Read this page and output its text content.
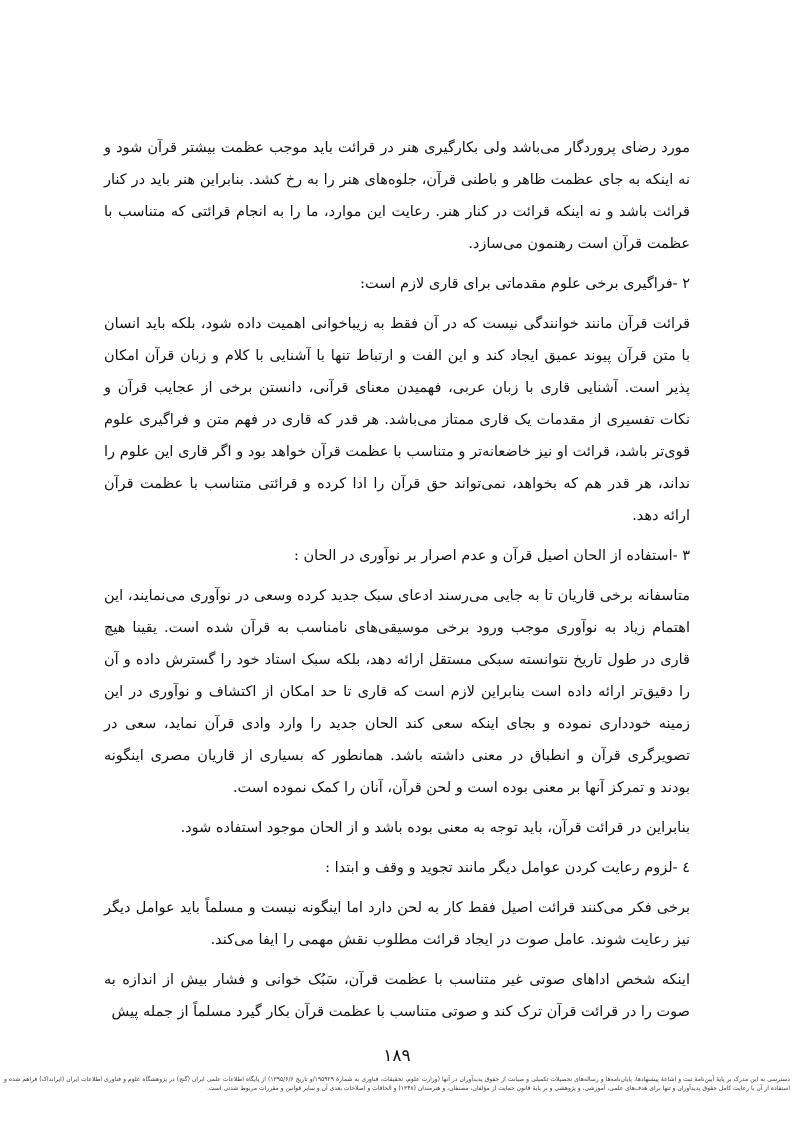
مورد رضای پروردگار می‌باشد ولی بکارگیری هنر در قرائت باید موجب عظمت بیشتر قرآن شود و نه اینکه به جای عظمت ظاهر و باطنی قرآن، جلوه‌های هنر را به رخ کشد. بنابراین هنر باید در کنار قرائت باشد و نه اینکه قرائت در کنار هنر. رعایت این موارد، ما را به انجام قرائتی که متناسب با عظمت قرآن است رهنمون می‌سازد.

۲ -فراگیری برخی علوم مقدماتی برای قاری لازم است:

قرائت قرآن مانند خوانندگی نیست که در آن فقط به زیباخوانی اهمیت داده شود، بلکه باید انسان با متن قرآن پیوند عمیق ایجاد کند و این الفت و ارتباط تنها با آشنایی با کلام و زبان قرآن امکان پذیر است. آشنایی قاری با زبان عربی، فهمیدن معنای قرآنی، دانستن برخی از عجایب قرآن و نکات تفسیری از مقدمات یک قاری ممتاز می‌باشد. هر قدر که قاری در فهم متن و فراگیری علوم قوی‌تر باشد، قرائت او نیز خاضعانه‌تر و متناسب با عظمت قرآن خواهد بود و اگر قاری این علوم را نداند، هر قدر هم که بخواهد، نمی‌تواند حق قرآن را ادا کرده و قرائتی متناسب با عظمت قرآن ارائه دهد.

۳ -استفاده از الحان اصیل قرآن و عدم اصرار بر نوآوری در الحان :

متاسفانه برخی قاریان تا به جایی می‌رسند ادعای سبک جدید کرده وسعی در نوآوری می‌نمایند، این اهتمام زیاد به نوآوری موجب ورود برخی موسیقی‌های نامناسب به قرآن شده است. یقینا هیچ قاری در طول تاریخ نتوانسته سبکی مستقل ارائه دهد، بلکه سبک استاد خود را گسترش داده و آن را دقیق‌تر ارائه داده است بنابراین لازم است که قاری تا حد امکان از اکتشاف و نوآوری در این زمینه خودداری نموده و بجای اینکه سعی کند الحان جدید را وارد وادی قرآن نماید، سعی در تصویرگری قرآن و انطباق در معنی داشته باشد. همانطور که بسیاری از قاریان مصری اینگونه بودند و تمرکز آنها بر معنی بوده است و لحن قرآن، آنان را کمک نموده است.

بنابراین در قرائت قرآن، باید توجه به معنی بوده باشد و از الحان موجود استفاده شود.

٤ -لزوم رعایت کردن عوامل دیگر مانند تجوید و وقف و ابتدا :

برخی فکر می‌کنند قرائت اصیل فقط کار به لحن دارد اما اینگونه نیست و مسلماً باید عوامل دیگر نیز رعایت شوند. عامل صوت در ایجاد قرائت مطلوب نقش مهمی را ایفا می‌کند.

اینکه شخص اداهای صوتی غیر متناسب با عظمت قرآن، سَبُک خوانی و فشار بیش از اندازه به صوت را در قرائت قرآن ترک کند و صوتی متناسب با عظمت قرآن بکار گیرد مسلماً از جمله پیش

۱۸۹
دسترسی به این مدرک بر پایهٔ آیین‌نامهٔ ثبت و اشاعهٔ پیشنهادها، پایان‌نامه‌ها و رساله‌های تحصیلات تکمیلی و صیانت از حقوق پدیدآوران در آنها (وزارت علوم، تحقیقات، فناوری به شمارهٔ ۱۹۵۹۲۹/و تاریخ ۱۳۹۵/۶/۶) از پایگاه اطلاعات علمی ایران (گنج) در پژوهشگاه علوم و فناوری اطلاعات ایران (ایرانداک) فراهم شده و استفاده از آن با رعایت کامل حقوق پدیدآوران و تنها برای هدف‌های علمی، آموزشی، و پژوهشی و بر پایهٔ قانون حمایت از مؤلفان، مصنفان، و هنرمندان (۱۳۴۸) و الحاقات و اصلاحات بعدی آن و سایر قوانین و مقررات مربوط شدنی است.
